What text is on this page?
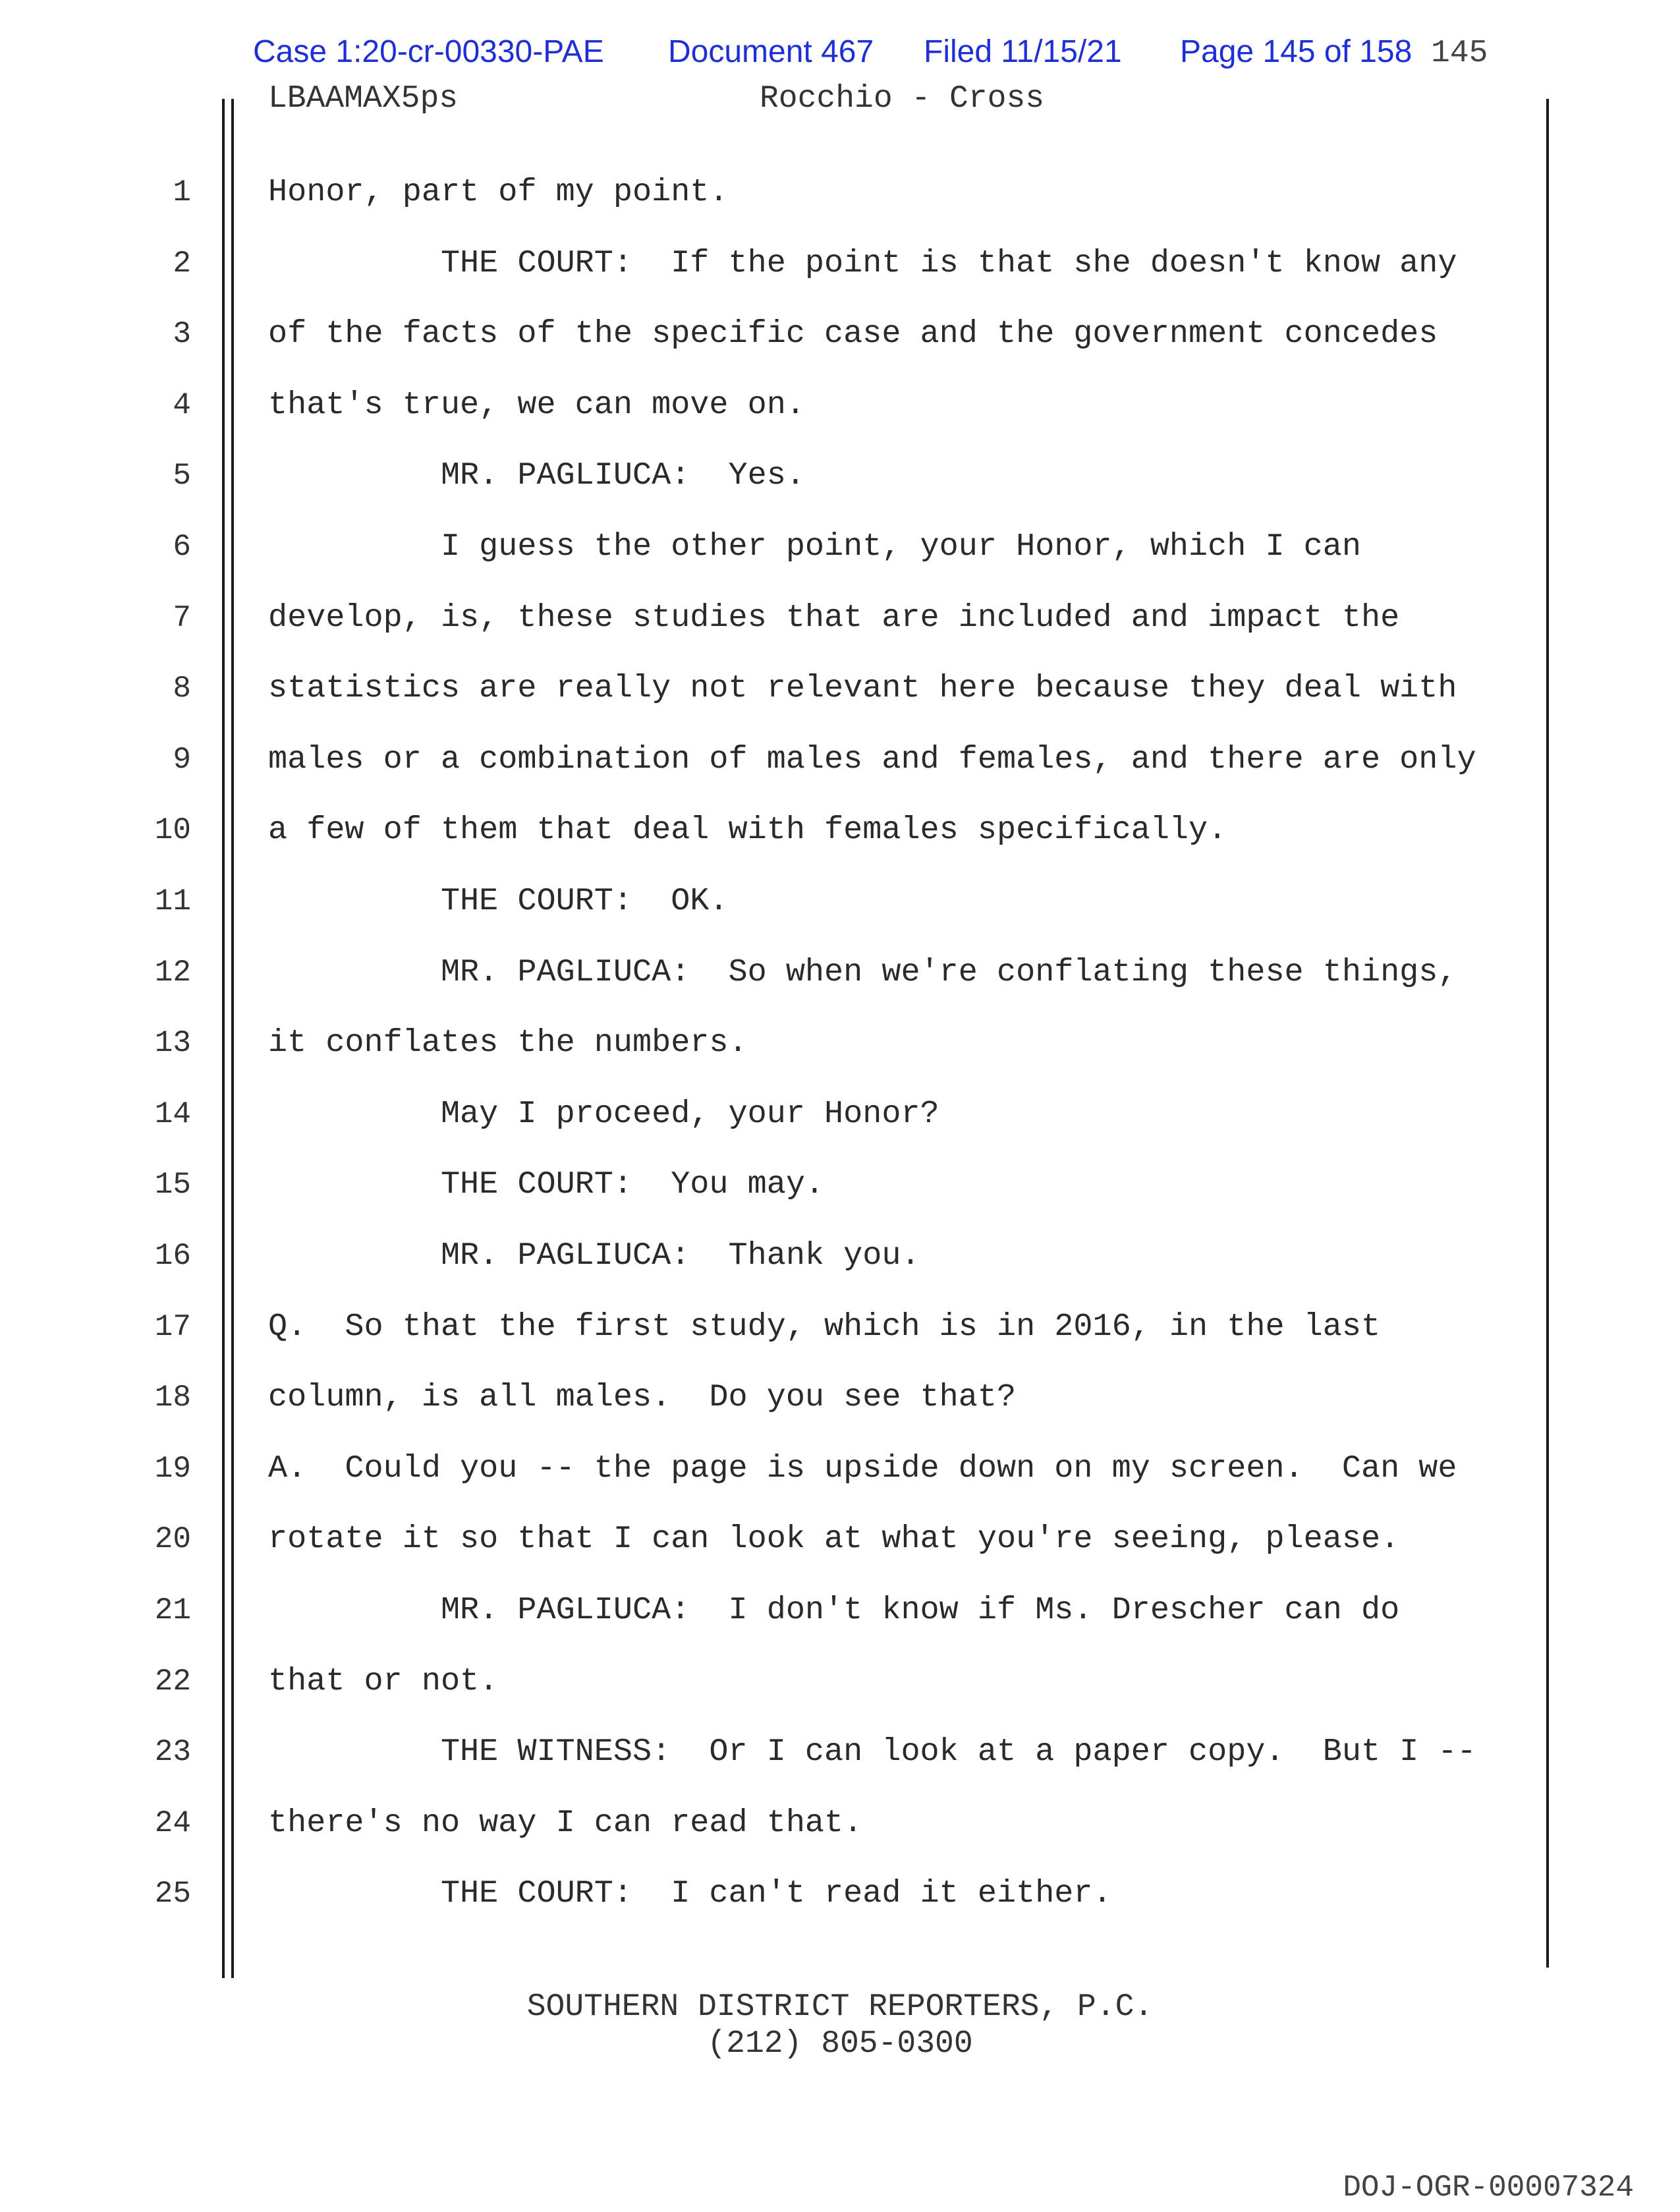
Case 1:20-cr-00330-PAE Document 467 Filed 11/15/21 Page 145 of 158 145
LBAAMAX5ps	Rocchio - Cross
1 Honor, part of my point.
2 THE COURT:  If the point is that she doesn't know any
3 of the facts of the specific case and the government concedes
4 that's true, we can move on.
5 MR. PAGLIUCA:  Yes.
6 I guess the other point, your Honor, which I can
7 develop, is, these studies that are included and impact the
8 statistics are really not relevant here because they deal with
9 males or a combination of males and females, and there are only
10 a few of them that deal with females specifically.
11 THE COURT:  OK.
12 MR. PAGLIUCA:  So when we're conflating these things,
13 it conflates the numbers.
14 May I proceed, your Honor?
15 THE COURT:  You may.
16 MR. PAGLIUCA:  Thank you.
17 Q.  So that the first study, which is in 2016, in the last
18 column, is all males.  Do you see that?
19 A.  Could you -- the page is upside down on my screen.  Can we
20 rotate it so that I can look at what you're seeing, please.
21 MR. PAGLIUCA:  I don't know if Ms. Drescher can do
22 that or not.
23 THE WITNESS:  Or I can look at a paper copy.  But I --
24 there's no way I can read that.
25 THE COURT:  I can't read it either.
SOUTHERN DISTRICT REPORTERS, P.C.
(212) 805-0300
DOJ-OGR-00007324
